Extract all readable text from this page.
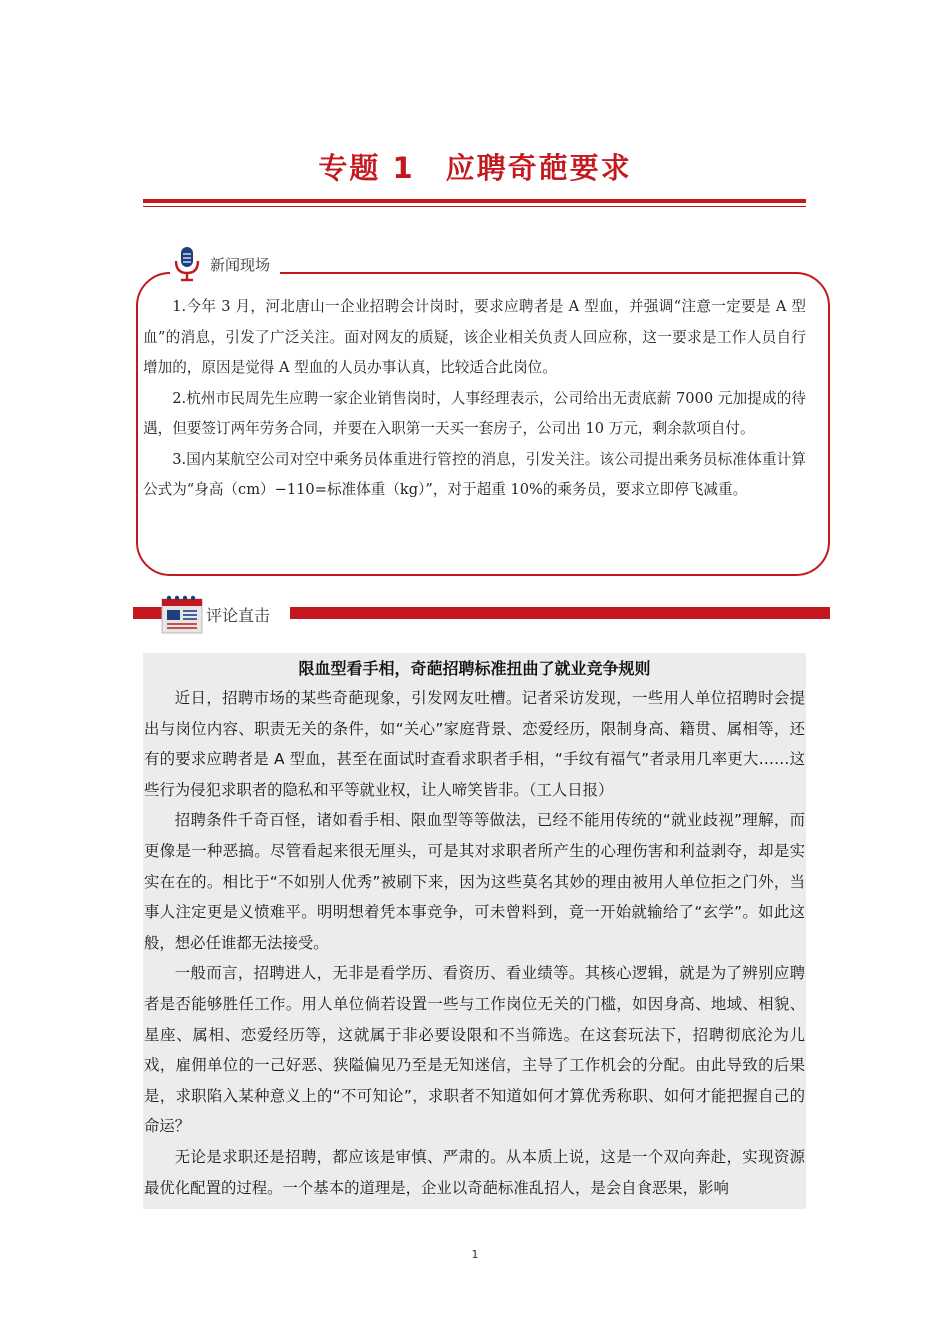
专题 1　应聘奇葩要求
新闻现场

1.今年 3 月，河北唐山一企业招聘会计岗时，要求应聘者是 A 型血，并强调“注意一定要是 A 型血”的消息，引发了广泛关注。面对网友的质疑，该企业相关负责人回应称，这一要求是工作人员自行增加的，原因是觉得 A 型血的人员办事认真，比较适合此岗位。

2.杭州市民周先生应聘一家企业销售岗时，人事经理表示，公司给出无责底薪 7000 元加提成的待遇，但要签订两年劳务合同，并要在入职第一天买一套房子，公司出 10 万元，剩余款项自付。

3.国内某航空公司对空中乘务员体重进行管控的消息，引发关注。该公司提出乘务员标准体重计算公式为“身高（cm）−110=标准体重（kg）”，对于超重 10%的乘务员，要求立即停飞减重。

评论直击
限血型看手相，奇葩招聘标准扭曲了就业竞争规则

近日，招聘市场的某些奇葩现象，引发网友吐槽。记者采访发现，一些用人单位招聘时会提出与岗位内容、职责无关的条件，如“关心”家庭背景、恋爱经历，限制身高、籍贯、属相等，还有的要求应聘者是 A 型血，甚至在面试时查看求职者手相，“手纹有福气”者录用几率更大……这些行为侵犯求职者的隐私和平等就业权，让人啼笑皆非。（工人日报）

招聘条件千奇百怪，诸如看手相、限血型等等做法，已经不能用传统的“就业歧视”理解，而更像是一种恶搞。尽管看起来很无厘头，可是其对求职者所产生的心理伤害和利益剥夺，却是实实在在的。相比于“不如别人优秀”被刷下来，因为这些莫名其妙的理由被用人单位拒之门外，当事人注定更是义愤难平。明明想着凭本事竞争，可未曾料到，竟一开始就输给了“玄学”。如此这般，想必任谁都无法接受。

一般而言，招聘进人，无非是看学历、看资历、看业绩等。其核心逻辑，就是为了辨别应聘者是否能够胜任工作。用人单位倘若设置一些与工作岗位无关的门槛，如因身高、地域、相貌、星座、属相、恋爱经历等，这就属于非必要设限和不当筛选。在这套玩法下，招聘彻底沦为儿戏，雇佣单位的一己好恶、狭隘偏见乃至是无知迷信，主导了工作机会的分配。由此导致的后果是，求职陷入某种意义上的“不可知论”，求职者不知道如何才算优秀称职、如何才能把握自己的命运？

无论是求职还是招聘，都应该是审慎、严肃的。从本质上说，这是一个双向奔赴，实现资源最优化配置的过程。一个基本的道理是，企业以奇葩标准乱招人，是会自食恶果，影响

1
